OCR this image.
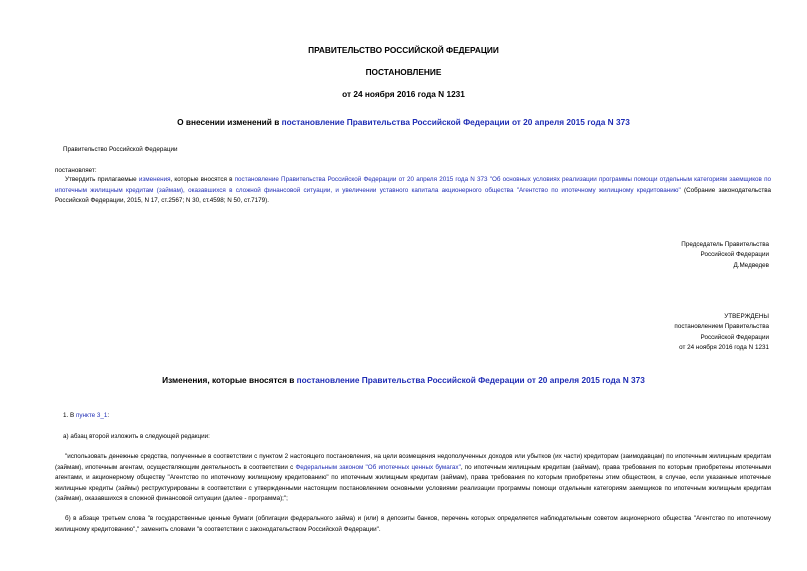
ПРАВИТЕЛЬСТВО РОССИЙСКОЙ ФЕДЕРАЦИИ
ПОСТАНОВЛЕНИЕ
от 24 ноября 2016 года N 1231
О внесении изменений в постановление Правительства Российской Федерации от 20 апреля 2015 года N 373
Правительство Российской Федерации
постановляет:
Утвердить прилагаемые изменения, которые вносятся в постановление Правительства Российской Федерации от 20 апреля 2015 года N 373 "Об основных условиях реализации программы помощи отдельным категориям заемщиков по ипотечным жилищным кредитам (займам), оказавшихся в сложной финансовой ситуации, и увеличении уставного капитала акционерного общества "Агентство по ипотечному жилищному кредитованию" (Собрание законодательства Российской Федерации, 2015, N 17, ст.2567; N 30, ст.4598; N 50, ст.7179).
Председатель Правительства
Российской Федерации
Д.Медведев
УТВЕРЖДЕНЫ
постановлением Правительства
Российской Федерации
от 24 ноября 2016 года N 1231
Изменения, которые вносятся в постановление Правительства Российской Федерации от 20 апреля 2015 года N 373
1. В пункте 3_1:
а) абзац второй изложить в следующей редакции:
"использовать денежные средства, полученные в соответствии с пунктом 2 настоящего постановления, на цели возмещения недополученных доходов или убытков (их части) кредиторам (заимодавцам) по ипотечным жилищным кредитам (займам), ипотечным агентам, осуществляющим деятельность в соответствии с Федеральным законом "Об ипотечных ценных бумагах", по ипотечным жилищным кредитам (займам), права требования по которым приобретены ипотечными агентами, и акционерному обществу "Агентство по ипотечному жилищному кредитованию" по ипотечным жилищным кредитам (займам), права требования по которым приобретены этим обществом, в случае, если указанные ипотечные жилищные кредиты (займы) реструктурированы в соответствии с утвержденными настоящим постановлением основными условиями реализации программы помощи отдельным категориям заемщиков по ипотечным жилищным кредитам (займам), оказавшихся в сложной финансовой ситуации (далее - программа);";
б) в абзаце третьем слова "в государственные ценные бумаги (облигации федерального займа) и (или) в депозиты банков, перечень которых определяется наблюдательным советом акционерного общества "Агентство по ипотечному жилищному кредитованию"," заменить словами "в соответствии с законодательством Российской Федерации".
